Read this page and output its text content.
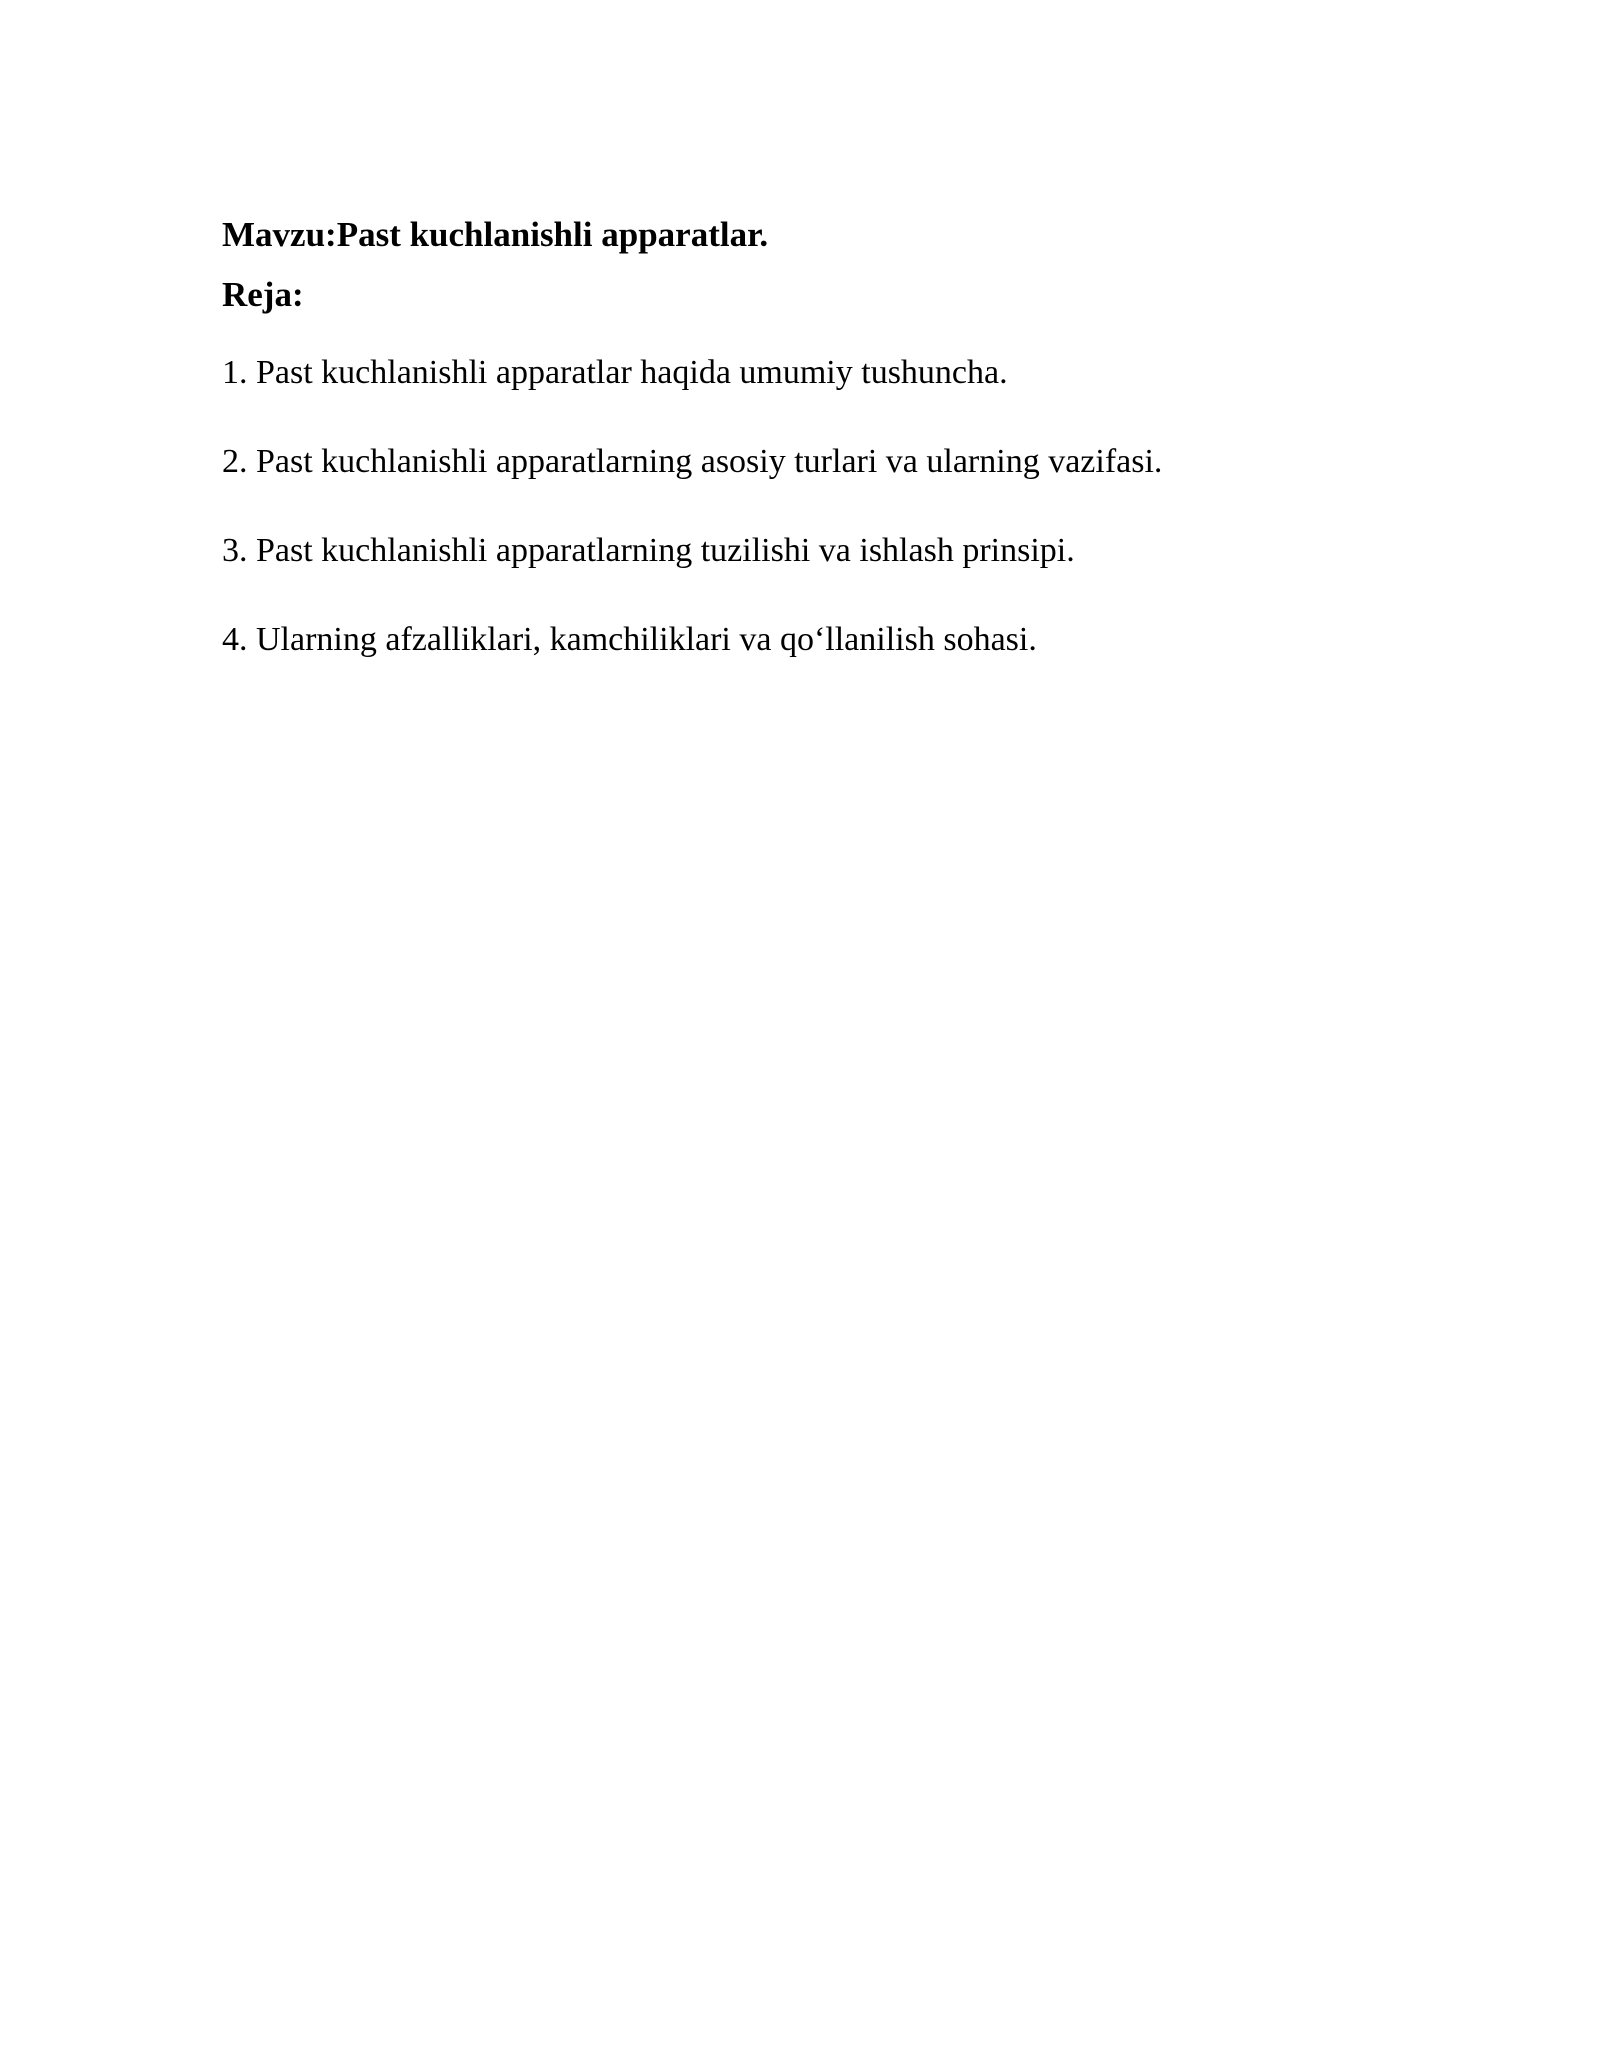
Mavzu:Past kuchlanishli apparatlar.
Reja:
1. Past kuchlanishli apparatlar haqida umumiy tushuncha.
2. Past kuchlanishli apparatlarning asosiy turlari va ularning vazifasi.
3. Past kuchlanishli apparatlarning tuzilishi va ishlash prinsipi.
4. Ularning afzalliklari, kamchiliklari va qo‘llanilish sohasi.
